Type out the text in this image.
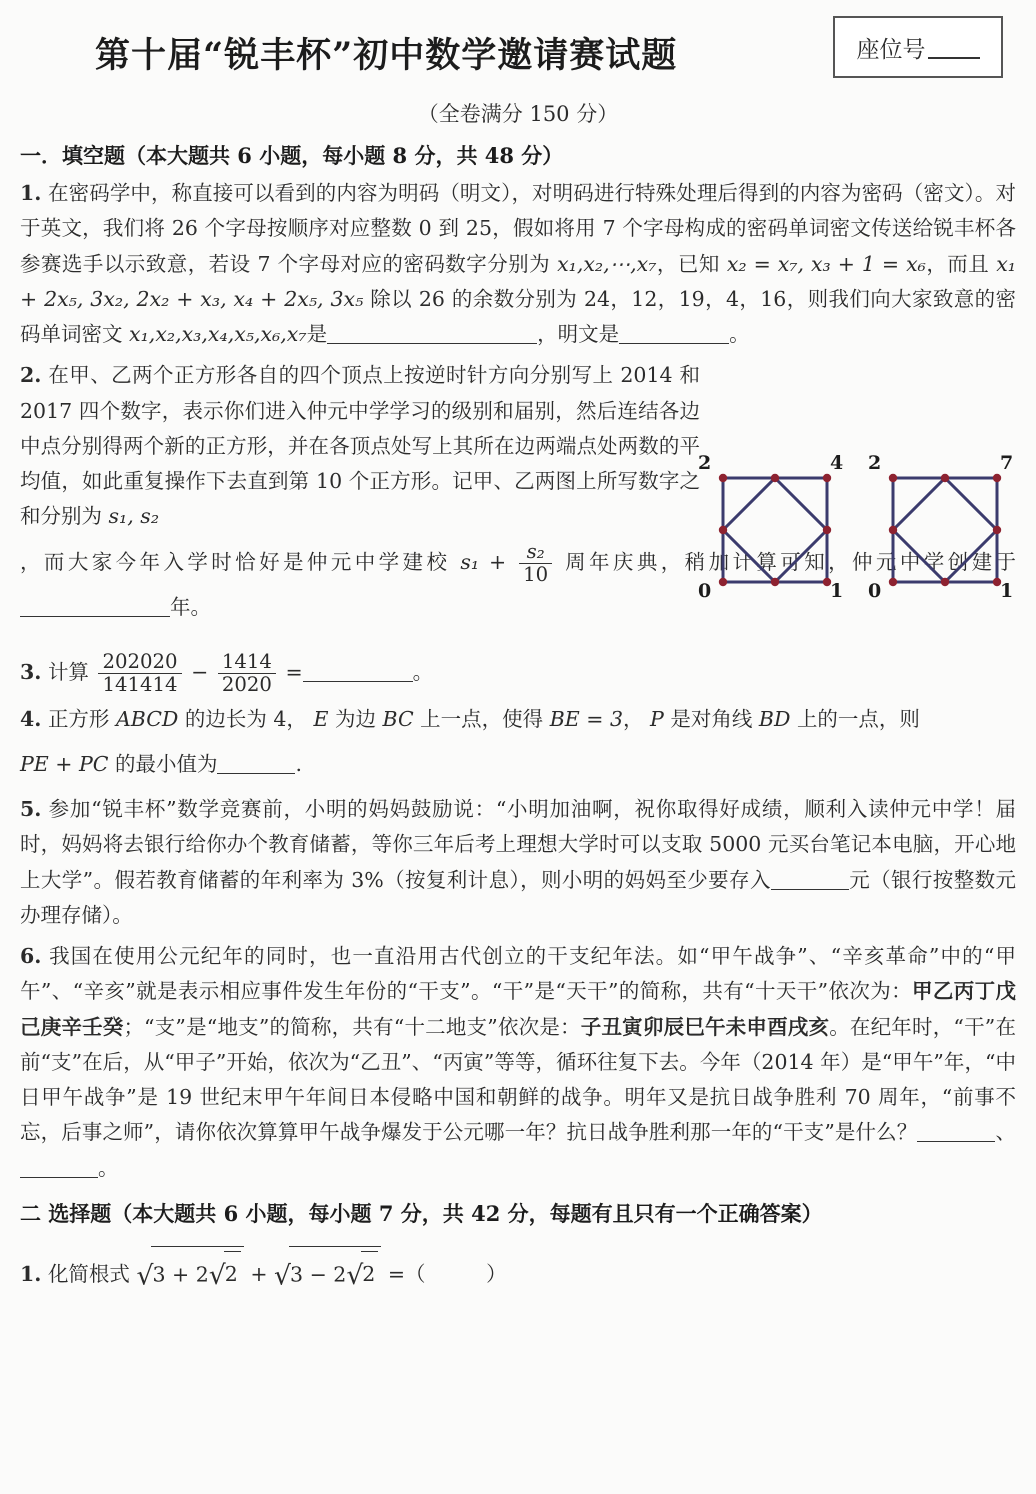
第十届“锐丰杯”初中数学邀请赛试题	座位号
（全卷满分 150 分）
一．填空题（本大题共 6 小题，每小题 8 分，共 48 分）
1. 在密码学中，称直接可以看到的内容为明码（明文），对明码进行特殊处理后得到的内容为密码（密文）。对于英文，我们将 26 个字母按顺序对应整数 0 到 25，假如将用 7 个字母构成的密码单词密文传送给锐丰杯各参赛选手以示致意，若设 7 个字母对应的密码数字分别为 x₁,x₂,⋯,x₇，已知 x₂ = x₇, x₃ + 1 = x₆，而且 x₁ + 2x₅, 3x₂, 2x₂ + x₃, x₄ + 2x₅, 3x₅ 除以 26 的余数分别为 24，12，19，4，16，则我们向大家致意的密码单词密文 x₁,x₂,x₃,x₄,x₅,x₆,x₇是	，明文是	。
2. 在甲、乙两个正方形各自的四个顶点上按逆时针方向分别写上 2014 和 2017 四个数字，表示你们进入仲元中学学习的级别和届别，然后连结各边中点分别得两个新的正方形，并在各顶点处写上其所在边两端点处两数的平均值，如此重复操作下去直到第 10 个正方形。记甲、乙两图上所写数字之和分别为 s₁, s₂
，而大家今年入学时恰好是仲元中学建校 $s_1 + \frac{\text{s₂}}{10}$ 周年庆典，稍加计算可知，仲元中学创建于年。
2	4
0	1
2	7
0	1
3. 计算 $\frac{202020}{141414} - \frac{1414}{2020}$ =	。
4. 正方形 ABCD 的边长为 4， E 为边 BC 上一点，使得 BE = 3， P 是对角线 BD 上的一点，则
PE + PC 的最小值为	.
5. 参加“锐丰杯”数学竞赛前，小明的妈妈鼓励说：“小明加油啊，祝你取得好成绩，顺利入读仲元中学！届时，妈妈将去银行给你办个教育储蓄，等你三年后考上理想大学时可以支取 5000 元买台笔记本电脑，开心地上大学”。假若教育储蓄的年利率为 3%（按复利计息），则小明的妈妈至少要存入	元（银行按整数元办理存储）。
6. 我国在使用公元纪年的同时，也一直沿用古代创立的干支纪年法。如“甲午战争”、“辛亥革命”中的“甲午”、“辛亥”就是表示相应事件发生年份的“干支”。“干”是“天干”的简称，共有“十天干”依次为：甲乙丙丁戊己庚辛壬癸；“支”是“地支”的简称，共有“十二地支”依次是：子丑寅卯辰巳午未申酉戌亥。在纪年时，“干”在前“支”在后，从“甲子”开始，依次为“乙丑”、“丙寅”等等，循环往复下去。今年（2014 年）是“甲午”年，“中日甲午战争”是 19 世纪末甲午年间日本侵略中国和朝鲜的战争。明年又是抗日战争胜利 70 周年，“前事不忘，后事之师”，请你依次算算甲午战争爆发于公元哪一年？抗日战争胜利那一年的“干支”是什么？	、。
二 选择题（本大题共 6 小题，每小题 7 分，共 42 分，每题有且只有一个正确答案）
1. 化简根式 √3 + 2√2 + √3 − 2√2 =（	）
